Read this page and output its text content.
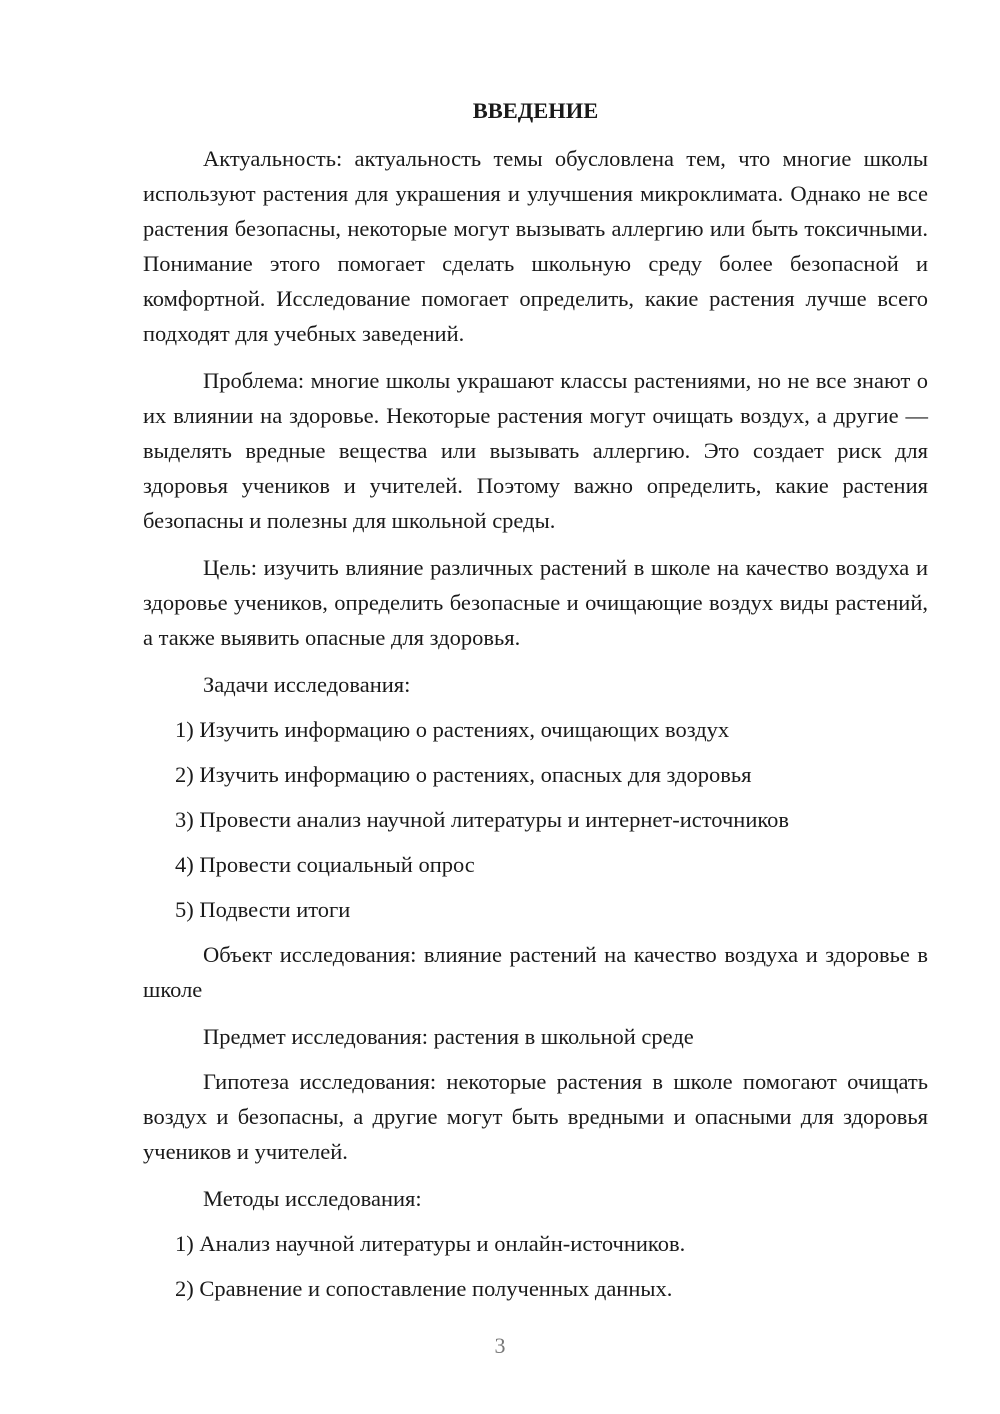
ВВЕДЕНИЕ

Актуальность: актуальность темы обусловлена тем, что многие школы используют растения для украшения и улучшения микроклимата. Однако не все растения безопасны, некоторые могут вызывать аллергию или быть токсичными. Понимание этого помогает сделать школьную среду более безопасной и комфортной. Исследование помогает определить, какие растения лучше всего подходят для учебных заведений.

Проблема: многие школы украшают классы растениями, но не все знают о их влиянии на здоровье. Некоторые растения могут очищать воздух, а другие — выделять вредные вещества или вызывать аллергию. Это создает риск для здоровья учеников и учителей. Поэтому важно определить, какие растения безопасны и полезны для школьной среды.

Цель: изучить влияние различных растений в школе на качество воздуха и здоровье учеников, определить безопасные и очищающие воздух виды растений, а также выявить опасные для здоровья.

Задачи исследования:

1) Изучить информацию о растениях, очищающих воздух

2) Изучить информацию о растениях, опасных для здоровья

3) Провести анализ научной литературы и интернет-источников

4) Провести социальный опрос

5) Подвести итоги

Объект исследования: влияние растений на качество воздуха и здоровье в школе

Предмет исследования: растения в школьной среде

Гипотеза исследования: некоторые растения в школе помогают очищать воздух и безопасны, а другие могут быть вредными и опасными для здоровья учеников и учителей.

Методы исследования:

1) Анализ научной литературы и онлайн-источников.

2) Сравнение и сопоставление полученных данных.

3
